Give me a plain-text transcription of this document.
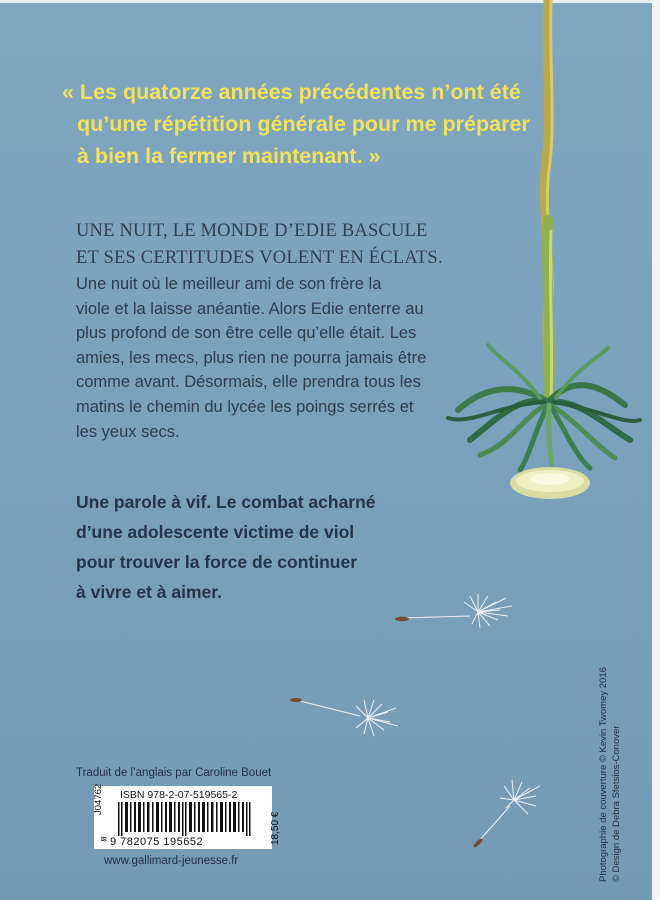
« Les quatorze années précédentes n’ont été
qu’une répétition générale pour me préparer
à bien la fermer maintenant. »
UNE NUIT, LE MONDE D’EDIE BASCULE
ET SES CERTITUDES VOLENT EN ÉCLATS.
Une nuit où le meilleur ami de son frère la
viole et la laisse anéantie. Alors Edie enterre au
plus profond de son être celle qu’elle était. Les
amies, les mecs, plus rien ne pourra jamais être
comme avant. Désormais, elle prendra tous les
matins le chemin du lycée les poings serrés et
les yeux secs.
Une parole à vif. Le combat acharné
d’une adolescente victime de viol
pour trouver la force de continuer
à vivre et à aimer.
Traduit de l’anglais par Caroline Bouet
J04762
≋
ISBN 978-2-07-519565-2
9 782075 195652	18,50 €
www.gallimard-jeunesse.fr	Photographie de couverture © Kevin Twomey 2016 © Design de Debra Sfetsios-Conover
